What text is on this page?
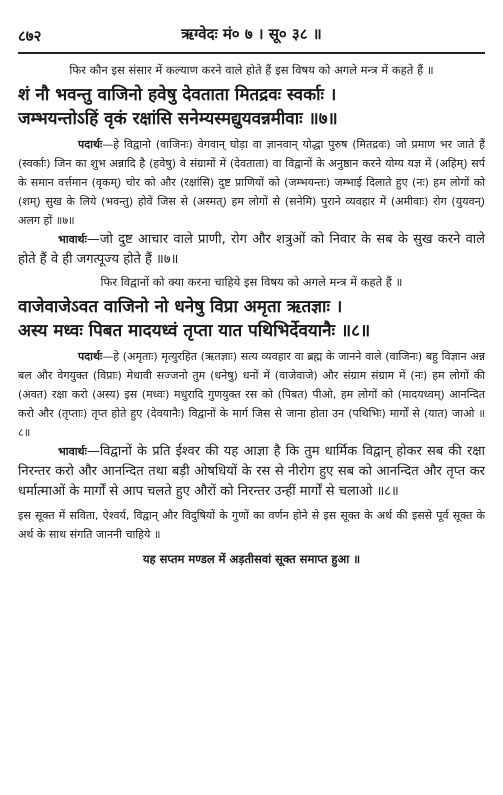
८७२	ऋग्वेदः मं० ७ । सू० ३८ ॥

फिर कौन इस संसार में कल्याण करने वाले होते हैं इस विषय को अगले मन्त्र में कहते हैं ॥

शं नौ भवन्तु वाजिनो हवेषु देवताता मितद्रवः स्वर्काः ।
जम्भयन्तोऽहिं वृकं रक्षांसि सनेम्यस्मद्युयवन्नमीवाः ॥७॥

पदार्थः—हे विद्वानो (वाजिनः) वेगवान् घोड़ा वा ज्ञानवान् योद्धा पुरुष (मितद्रवः) जो प्रमाण भर जाते हैं (स्वर्काः) जिन का शुभ अन्नादि है (हवेषु) वे संग्रामों में (देवताता) वा विद्वानों के अनुष्ठान करने योग्य यज्ञ में (अहिम्) सर्प के समान वर्त्तमान (वृकम्) चोर को और (रक्षांसि) दुष्ट प्राणियों को (जम्भयन्तः) जम्भाई दिलाते हुए (नः) हम लोगों को (शम्) सुख के लिये (भवन्तु) होवें जिस से (अस्मत्) हम लोगों से (सनेमि) पुराने व्यवहार में (अमीवाः) रोग (युयवन्) अलग हों ॥७॥

भावार्थः—जो दुष्ट आचार वाले प्राणी, रोग और शत्रुओं को निवार के सब के सुख करने वाले होते हैं वे ही जगत्पूज्य होते हैं ॥७॥

फिर विद्वानों को क्या करना चाहिये इस विषय को अगले मन्त्र में कहते हैं ॥

वाजेवाजेऽवत वाजिनो नो धनेषु विप्रा अमृता ऋतज्ञाः ।
अस्य मध्वः पिबत मादयध्वं तृप्ता यात पथिभिर्देवयानैः ॥८॥

पदार्थः—हे (अमृताः) मृत्युरहित (ऋतज्ञाः) सत्य व्यवहार वा ब्रह्म के जानने वाले (वाजिनः) बहु विज्ञान अन्न बल और वेगयुक्त (विप्राः) मेधावी सज्जनो तुम (धनेषु) धनों में (वाजेवाजे) और संग्राम संग्राम में (नः) हम लोगों की (अवत) रक्षा करो (अस्य) इस (मध्वः) मधुरादि गुणयुक्त रस को (पिबत) पीओ, हम लोगों को (मादयध्वम्) आनन्दित करो और (तृप्ताः) तृप्त होते हुए (देवयानैः) विद्वानों के मार्ग जिस से जाना होता उन (पथिभिः) मार्गों से (यात) जाओ ॥८॥

भावार्थः—विद्वानों के प्रति ईश्वर की यह आज्ञा है कि तुम धार्मिक विद्वान् होकर सब की रक्षा निरन्तर करो और आनन्दित तथा बड़ी ओषधियों के रस से नीरोग हुए सब को आनन्दित और तृप्त कर धर्मात्माओं के मार्गों से आप चलते हुए औरों को निरन्तर उन्हीं मार्गों से चलाओ ॥८॥

इस सूक्त में सविता, ऐश्वर्य, विद्वान् और विदुषियों के गुणों का वर्णन होने से इस सूक्त के अर्थ की इससे पूर्व सूक्त के अर्थ के साथ संगति जाननी चाहिये ॥

यह सप्तम मण्डल में अड़तीसवां सूक्त समाप्त हुआ ॥
